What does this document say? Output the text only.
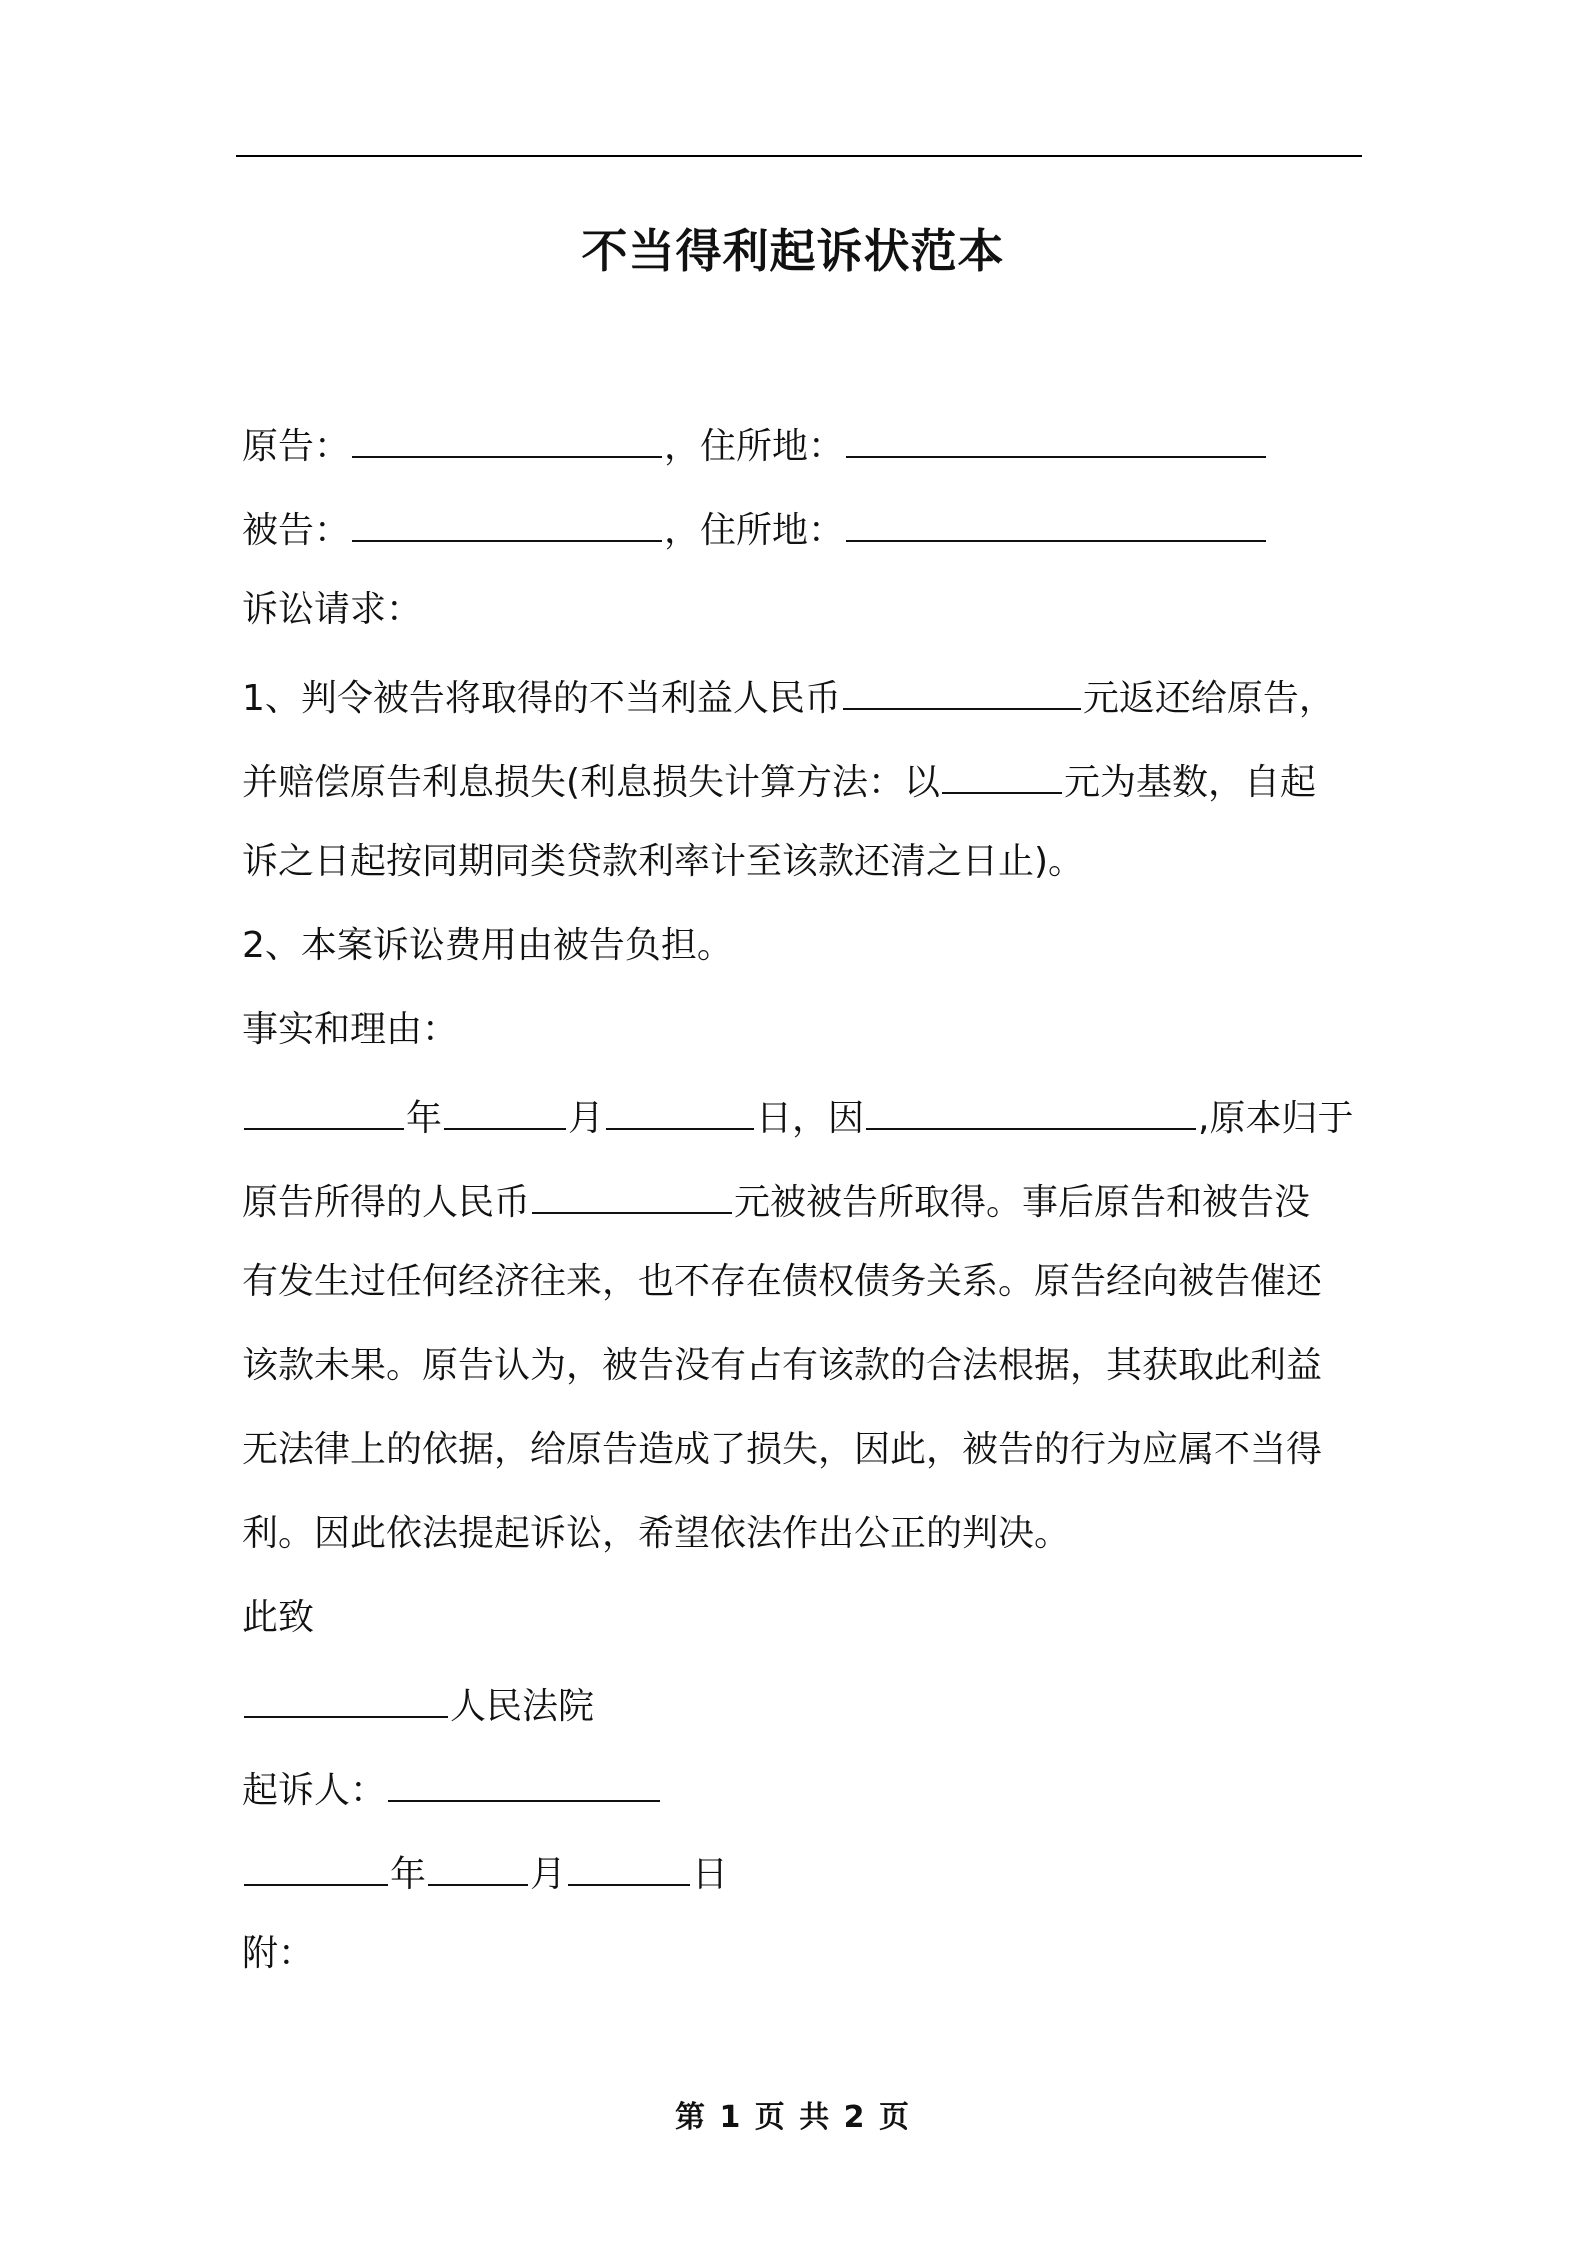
不当得利起诉状范本
原告：	，住所地：
被告：	，住所地：
诉讼请求：
1、判令被告将取得的不当利益人民币	元返还给原告，
并赔偿原告利息损失(利息损失计算方法：以	元为基数，自起
诉之日起按同期同类贷款利率计至该款还清之日止)。
2、本案诉讼费用由被告负担。
事实和理由：
年	月	日，因	,原本归于
原告所得的人民币	元被被告所取得。事后原告和被告没
有发生过任何经济往来，也不存在债权债务关系。原告经向被告催还
该款未果。原告认为，被告没有占有该款的合法根据，其获取此利益
无法律上的依据，给原告造成了损失，因此，被告的行为应属不当得
利。因此依法提起诉讼，希望依法作出公正的判决。
此致
人民法院
起诉人：
年	月	日
附：
第 1 页 共 2 页
